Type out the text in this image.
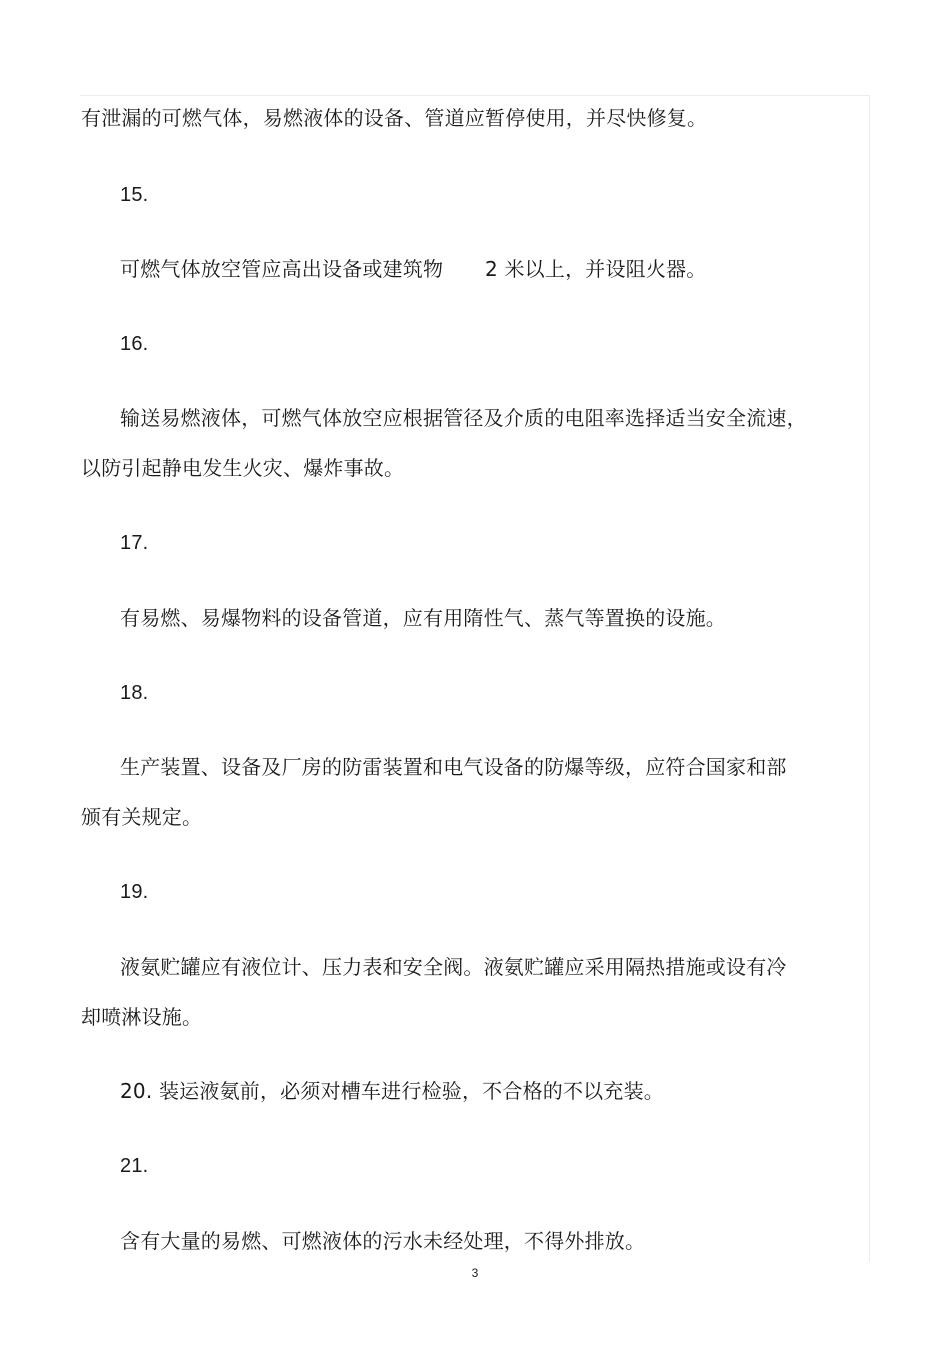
有泄漏的可燃气体，易燃液体的设备、管道应暂停使用，并尽快修复。
15.
可燃气体放空管应高出设备或建筑物 2 米以上，并设阻火器。
16.
输送易燃液体，可燃气体放空应根据管径及介质的电阻率选择适当安全流速，
以防引起静电发生火灾、爆炸事故。
17.
有易燃、易爆物料的设备管道，应有用隋性气、蒸气等置换的设施。
18.
生产装置、设备及厂房的防雷装置和电气设备的防爆等级，应符合国家和部
颁有关规定。
19.
液氨贮罐应有液位计、压力表和安全阀。液氨贮罐应采用隔热措施或设有冷
却喷淋设施。
20. 装运液氨前，必须对槽车进行检验，不合格的不以充装。
21.
含有大量的易燃、可燃液体的污水未经处理，不得外排放。
3
